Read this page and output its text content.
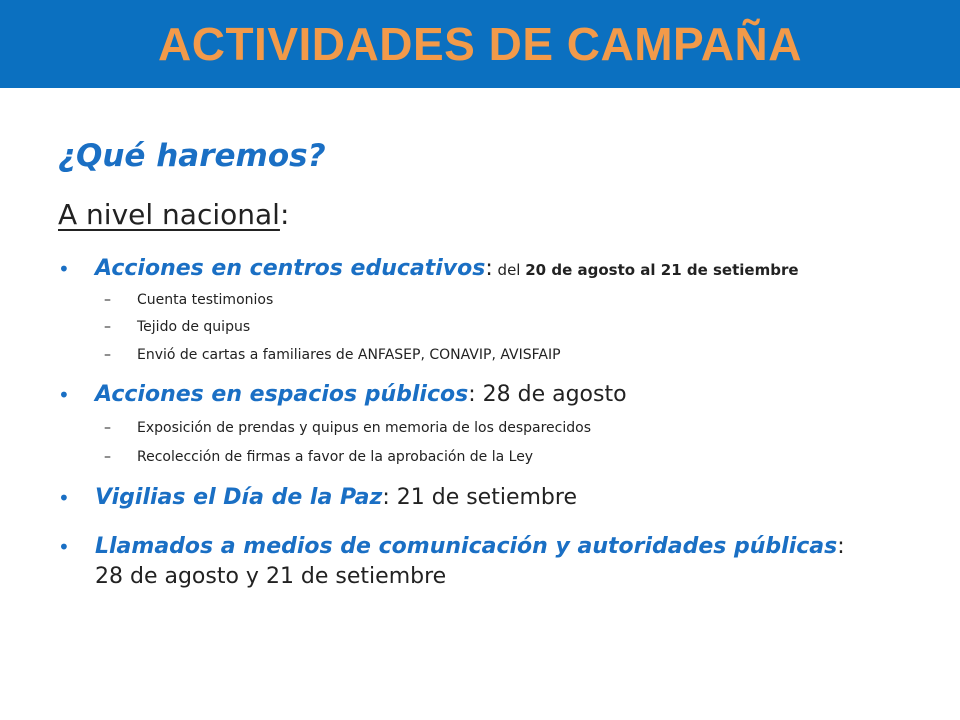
ACTIVIDADES DE CAMPAÑA
¿Qué haremos?
A nivel nacional:
•	Acciones en centros educativos: del 20 de agosto al 21 de setiembre
–	Cuenta testimonios
–	Tejido de quipus
–	Envió de cartas a familiares de ANFASEP, CONAVIP, AVISFAIP
•	Acciones en espacios públicos: 28 de agosto
–	Exposición de prendas y quipus en memoria de los desparecidos
–	Recolección de firmas a favor de la aprobación de la Ley
•	Vigilias el Día de la Paz: 21 de setiembre
•	Llamados a medios de comunicación y autoridades públicas:
28 de agosto y 21 de setiembre
